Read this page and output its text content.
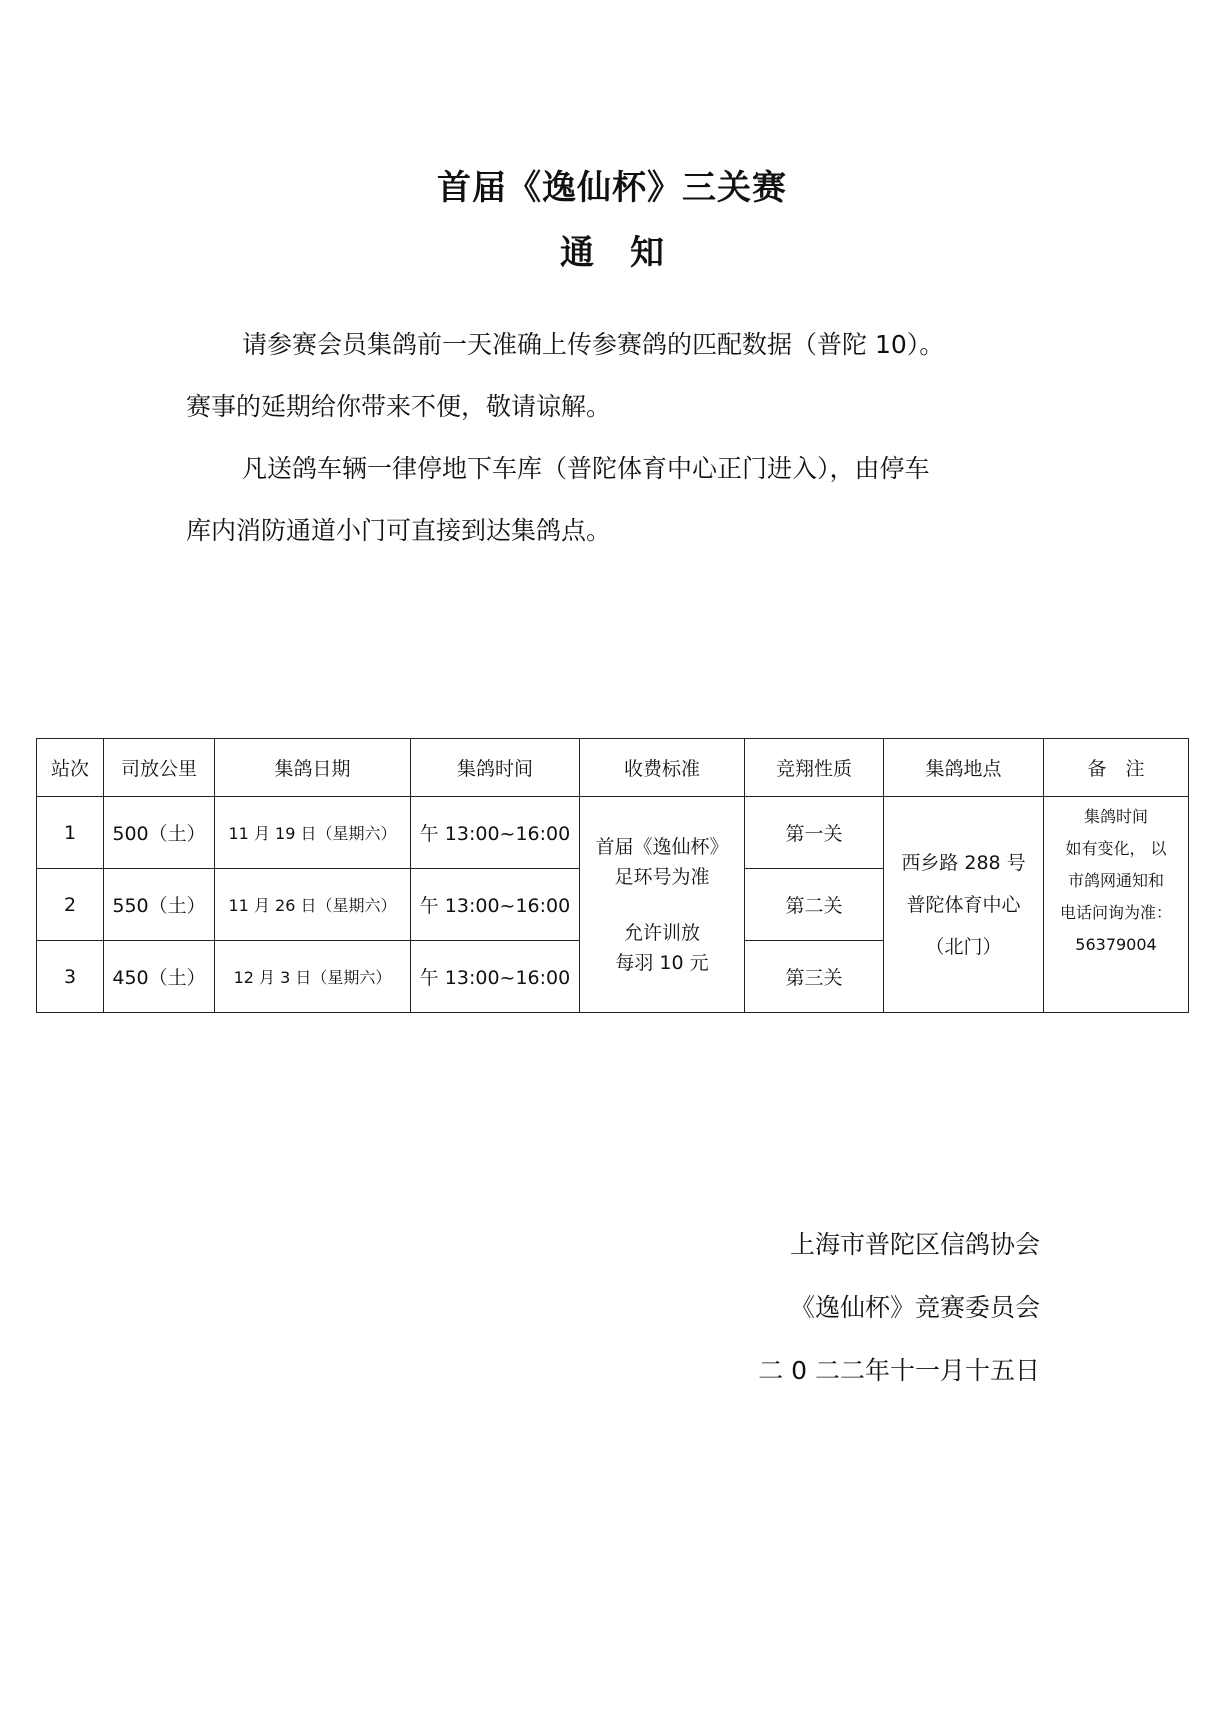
首届《逸仙杯》三关赛
通知

请参赛会员集鸽前一天准确上传参赛鸽的匹配数据（普陀 10）。
赛事的延期给你带来不便，敬请谅解。

凡送鸽车辆一律停地下车库（普陀体育中心正门进入），由停车
库内消防通道小门可直接到达集鸽点。

站次	司放公里	集鸽日期	集鸽时间	收费标准	竞翔性质	集鸽地点	备　注
1	500（土）	11 月 19 日（星期六）	午 13:00~16:00	首届《逸仙杯》
足环号为准
允许训放
每羽 10 元	第一关	西乡路 288 号
普陀体育中心
（北门）	集鸽时间
如有变化， 以
市鸽网通知和
电话问询为准：
56379004

2	550（土）	11 月 26 日（星期六）	午 13:00~16:00		第二关		
3	450（土）	12 月 3 日（星期六）	午 13:00~16:00		第三关		
上海市普陀区信鸽协会
《逸仙杯》竞赛委员会
二 0 二二年十一月十五日
